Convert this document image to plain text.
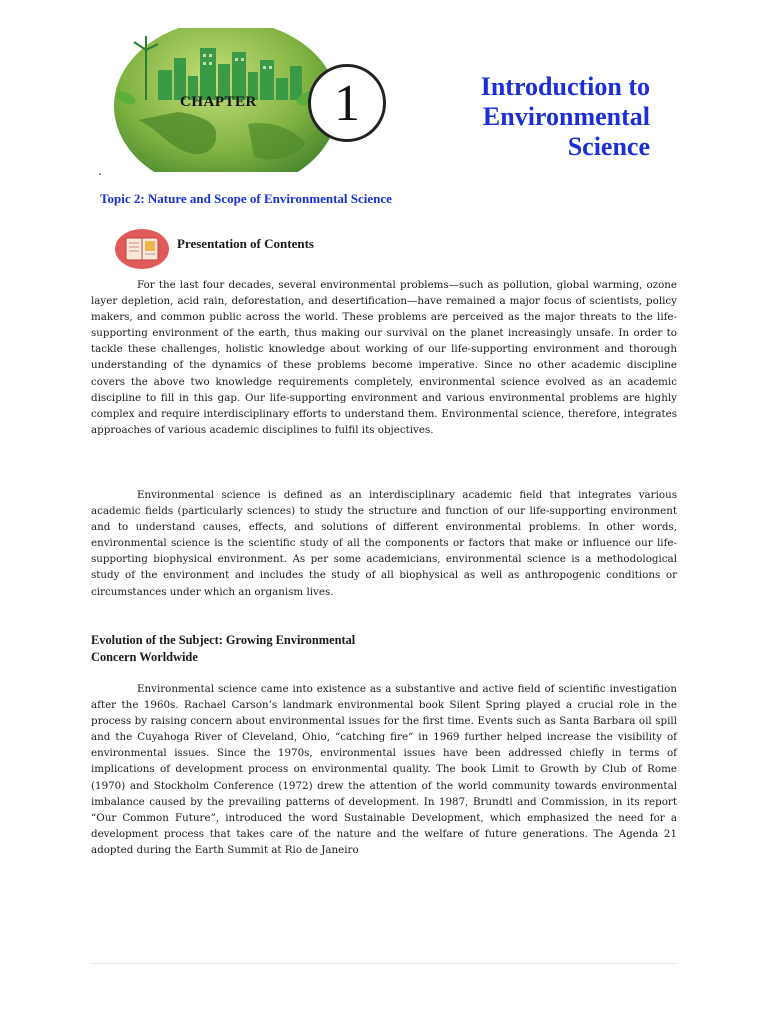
CHAPTER	1	Introduction to
Environmental
Science
.
Topic 2: Nature and Scope of Environmental Science
Presentation of Contents

For the last four decades, several environmental problems—such as pollution, global warming, ozone layer depletion, acid rain, deforestation, and desertification—have remained a major focus of scientists, policy makers, and common public across the world. These problems are perceived as the major threats to the life-supporting environment of the earth, thus making our survival on the planet increasingly unsafe. In order to tackle these challenges, holistic knowledge about working of our life-supporting environment and thorough understanding of the dynamics of these problems become imperative. Since no other academic discipline covers the above two knowledge requirements completely, environmental science evolved as an academic discipline to fill in this gap. Our life-supporting environment and various environmental problems are highly complex and require interdisciplinary efforts to understand them. Environmental science, therefore, integrates approaches of various academic disciplines to fulfil its objectives.

Environmental science is defined as an interdisciplinary academic field that integrates various academic fields (particularly sciences) to study the structure and function of our life-supporting environment and to understand causes, effects, and solutions of different environmental problems. In other words, environmental science is the scientific study of all the components or factors that make or influence our life-supporting biophysical environment. As per some academicians, environmental science is a methodological study of the environment and includes the study of all biophysical as well as anthropogenic conditions or circumstances under which an organism lives.

Evolution of the Subject: Growing Environmental
Concern Worldwide

Environmental science came into existence as a substantive and active field of scientific investigation after the 1960s. Rachael Carson’s landmark environmental book Silent Spring played a crucial role in the process by raising concern about environmental issues for the first time. Events such as Santa Barbara oil spill and the Cuyahoga River of Cleveland, Ohio, “catching fire” in 1969 further helped increase the visibility of environmental issues. Since the 1970s, environmental issues have been addressed chiefly in terms of implications of development process on environmental quality. The book Limit to Growth by Club of Rome (1970) and Stockholm Conference (1972) drew the attention of the world community towards environmental imbalance caused by the prevailing patterns of development. In 1987, Brundtl and Commission, in its report “Our Common Future”, introduced the word Sustainable Development, which emphasized the need for a development process that takes care of the nature and the welfare of future generations. The Agenda 21 adopted during the Earth Summit at Rio de Janeiro
